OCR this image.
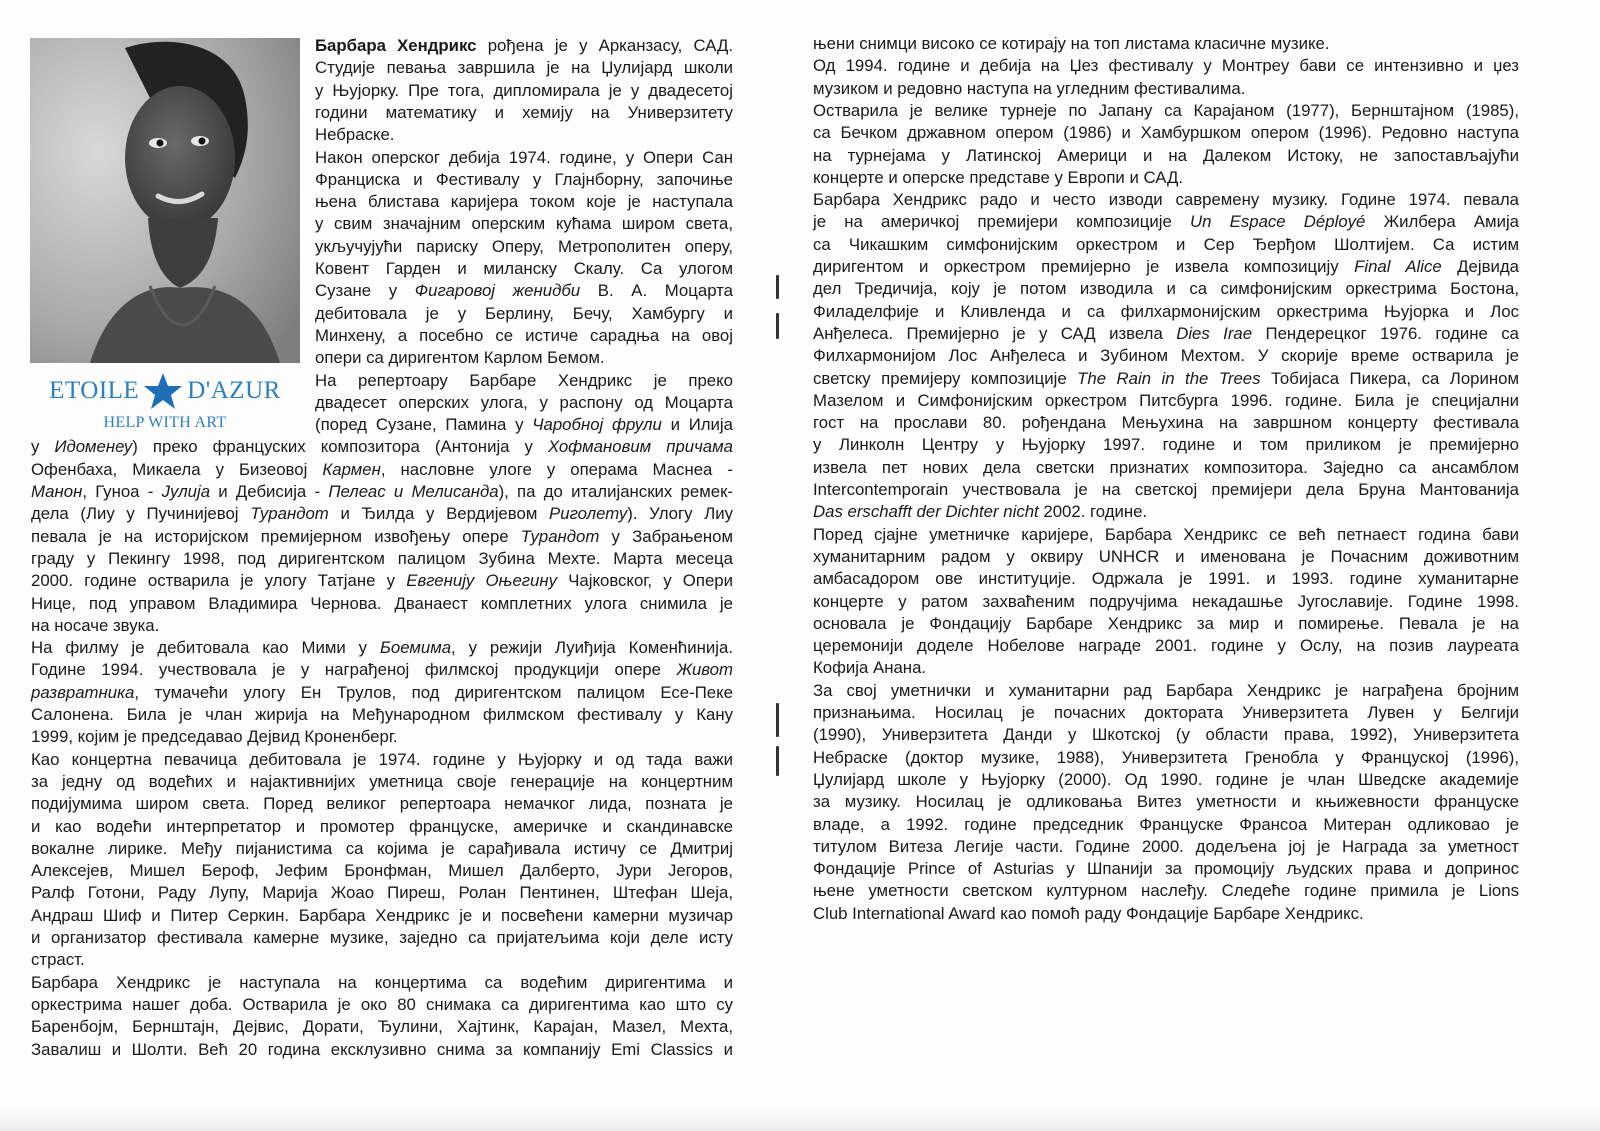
ETOILE D'AZUR
HELP WITH ART
Барбара Хендрикс рођена је у Арканзасу, САД.
Студије певања завршила је на Џулијард школи
у Њујорку. Пре тога, дипломирала је у двадесетој
години математику и хемију на Универзитету
Небраске.
Након оперског дебија 1974. године, у Опери Сан
Франциска и Фестивалу у Глајнборну, започиње
њена блистава каријера током које је наступала
у свим значајним оперским кућама широм света,
укључујући париску Оперу, Метрополитен оперу,
Ковент Гарден и миланску Скалу. Са улогом
Сузане у Фигаровој женидби В. А. Моцарта
дебитовала је у Берлину, Бечу, Хамбургу и
Минхену, а посебно се истиче сарадња на овој
опери са диригентом Карлом Бемом.
На репертоару Барбаре Хендрикс је преко
двадесет оперских улога, у распону од Моцарта
(поред Сузане, Памина у Чаробној фрули и Илија
у Идоменеу) преко француских композитора (Антонија у Хофмановим причама
Офенбаха, Микаела у Бизеовој Кармен, насловне улоге у операма Маснеа -
Манон, Гуноа - Јулија и Дебисија - Пелеас и Мелисанда), па до италијанских ремек-
дела (Лиу у Пучинијевој Турандот и Ђилда у Вердијевом Риголету). Улогу Лиу
певала је на историјском премијерном извођењу опере Турандот у Забрањеном
граду у Пекингу 1998, под диригентском палицом Зубина Мехте. Марта месеца
2000. године остварила је улогу Татјане у Евгенију Оњегину Чајковског, у Опери
Нице, под управом Владимира Чернова. Дванаест комплетних улога снимила је
на носаче звука.
На филму је дебитовала као Мими у Боемима, у режији Луиђија Коменћинија.
Године 1994. учествовала је у награђеној филмској продукцији опере Живот
развратника, тумачећи улогу Ен Трулов, под диригентском палицом Есе-Пеке
Салонена. Била је члан жирија на Међународном филмском фестивалу у Кану
1999, којим је председавао Дејвид Кроненберг.
Као концертна певачица дебитовала је 1974. године у Њујорку и од тада важи
за једну од водећих и најактивнијих уметница своје генерације на концертним
подијумима широм света. Поред великог репертоара немачког лида, позната је
и као водећи интерпретатор и промотер француске, америчке и скандинавске
вокалне лирике. Међу пијанистима са којима је сарађивала истичу се Дмитриј
Алексејев, Мишел Бероф, Јефим Бронфман, Мишел Далберто, Јури Јегоров,
Ралф Готони, Раду Лупу, Марија Жоао Пиреш, Ролан Пентинен, Штефан Шеја,
Андраш Шиф и Питер Серкин. Барбара Хендрикс је и посвећени камерни музичар
и организатор фестивала камерне музике, заједно са пријатељима који деле исту
страст.
Барбара Хендрикс је наступала на концертима са водећим диригентима и
оркестрима нашег доба. Остварила је око 80 снимака са диригентима као што су
Баренбојм, Бернштајн, Дејвис, Дорати, Ђулини, Хајтинк, Карајан, Мазел, Мехта,
Завалиш и Шолти. Већ 20 година ексклузивно снима за компанију Emi Classics и
њени снимци високо се котирају на топ листама класичне музике.
Од 1994. године и дебија на Џез фестивалу у Монтреу бави се интензивно и џез
музиком и редовно наступа на угледним фестивалима.
Остварила је велике турнеје по Јапану са Карајаном (1977), Бернштајном (1985),
са Бечком државном опером (1986) и Хамбуршком опером (1996). Редовно наступа
на турнејама у Латинској Америци и на Далеком Истоку, не запостављајући
концерте и оперске представе у Европи и САД.
Барбара Хендрикс радо и често изводи савремену музику. Године 1974. певала
је на америчкој премијери композиције Un Espace Déployé Жилбера Амија
са Чикашким симфонијским оркестром и Сер Ђерђом Шолтијем. Са истим
диригентом и оркестром премијерно је извела композицију Final Alice Дејвида
дел Тредичија, коју је потом изводила и са симфонијским оркестрима Бостона,
Филаделфије и Кливленда и са филхармонијским оркестрима Њујорка и Лос
Анђелеса. Премијерно је у САД извела Dies Irae Пендерецког 1976. године са
Филхармонијом Лос Анђелеса и Зубином Мехтом. У скорије време остварила је
светску премијеру композиције The Rain in the Trees Тобијаса Пикера, са Лорином
Мазелом и Симфонијским оркестром Питсбурга 1996. године. Била је специјални
гост на прослави 80. рођендана Мењухина на завршном концерту фестивала
у Линколн Центру у Њујорку 1997. године и том приликом је премијерно
извела пет нових дела светски признатих композитора. Заједно са ансамблом
Intercontemporain учествовала је на светској премијери дела Бруна Мантованија
Das erschafft der Dichter nicht 2002. године.
Поред сјајне уметничке каријере, Барбара Хендрикс се већ петнаест година бави
хуманитарним радом у оквиру UNHCR и именована је Почасним доживотним
амбасадором ове институције. Одржала је 1991. и 1993. године хуманитарне
концерте у ратом захваћеним подручјима некадашње Југославије. Године 1998.
основала је Фондацију Барбаре Хендрикс за мир и помирење. Певала је на
церемонији доделе Нобелове награде 2001. године у Ослу, на позив лауреата
Кофија Анана.
За свој уметнички и хуманитарни рад Барбара Хендрикс је награђена бројним
признањима. Носилац је почасних доктората Универзитета Лувен у Белгији
(1990), Универзитета Данди у Шкотској (у области права, 1992), Универзитета
Небраске (доктор музике, 1988), Универзитета Гренобла у Француској (1996),
Џулијард школе у Њујорку (2000). Од 1990. године је члан Шведске академије
за музику. Носилац је одликовања Витез уметности и књижевности француске
владе, а 1992. године председник Француске Франсоа Митеран одликовао је
титулом Витеза Легије части. Године 2000. додељена јој је Награда за уметност
Фондације Prince of Asturias у Шпанији за промоцију људских права и допринос
њене уметности светском културном наслеђу. Следеће године примила је Lions
Club International Award као помоћ раду Фондације Барбаре Хендрикс.
